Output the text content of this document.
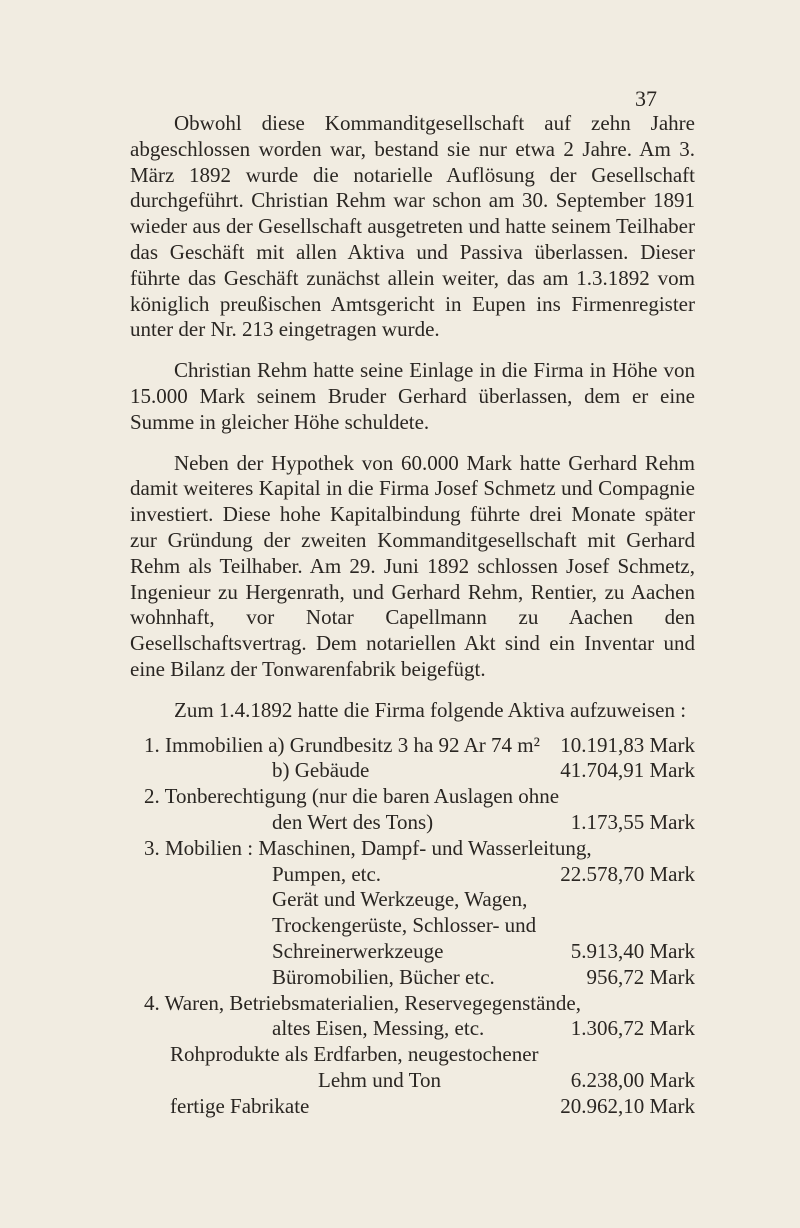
37

Obwohl diese Kommanditgesellschaft auf zehn Jahre abgeschlossen worden war, bestand sie nur etwa 2 Jahre. Am 3. März 1892 wurde die notarielle Auflösung der Gesellschaft durchgeführt. Christian Rehm war schon am 30. September 1891 wieder aus der Gesellschaft ausgetreten und hatte seinem Teilhaber das Geschäft mit allen Aktiva und Passiva überlassen. Dieser führte das Geschäft zunächst allein weiter, das am 1.3.1892 vom königlich preußischen Amtsgericht in Eupen ins Firmenregister unter der Nr. 213 eingetragen wurde.

Christian Rehm hatte seine Einlage in die Firma in Höhe von 15.000 Mark seinem Bruder Gerhard überlassen, dem er eine Summe in gleicher Höhe schuldete.

Neben der Hypothek von 60.000 Mark hatte Gerhard Rehm damit weiteres Kapital in die Firma Josef Schmetz und Compagnie investiert. Diese hohe Kapitalbindung führte drei Monate später zur Gründung der zweiten Kommanditgesellschaft mit Gerhard Rehm als Teilhaber. Am 29. Juni 1892 schlossen Josef Schmetz, Ingenieur zu Hergenrath, und Gerhard Rehm, Rentier, zu Aachen wohnhaft, vor Notar Capellmann zu Aachen den Gesellschaftsvertrag. Dem notariellen Akt sind ein Inventar und eine Bilanz der Tonwarenfabrik beigefügt.

Zum 1.4.1892 hatte die Firma folgende Aktiva aufzuweisen :

1. Immobilien a) Grundbesitz 3 ha 92 Ar 74 m² 10.191,83 Mark
b) Gebäude	41.704,91 Mark
2. Tonberechtigung (nur die baren Auslagen ohne
den Wert des Tons)	1.173,55 Mark
3. Mobilien : Maschinen, Dampf- und Wasserleitung,
Pumpen, etc.	22.578,70 Mark
Gerät und Werkzeuge, Wagen,
Trockengerüste, Schlosser- und
Schreinerwerkzeuge	5.913,40 Mark
Büromobilien, Bücher etc.	956,72 Mark
4. Waren, Betriebsmaterialien, Reservegegenstände,
altes Eisen, Messing, etc.	1.306,72 Mark
Rohprodukte als Erdfarben, neugestochener
Lehm und Ton	6.238,00 Mark
fertige Fabrikate	20.962,10 Mark
